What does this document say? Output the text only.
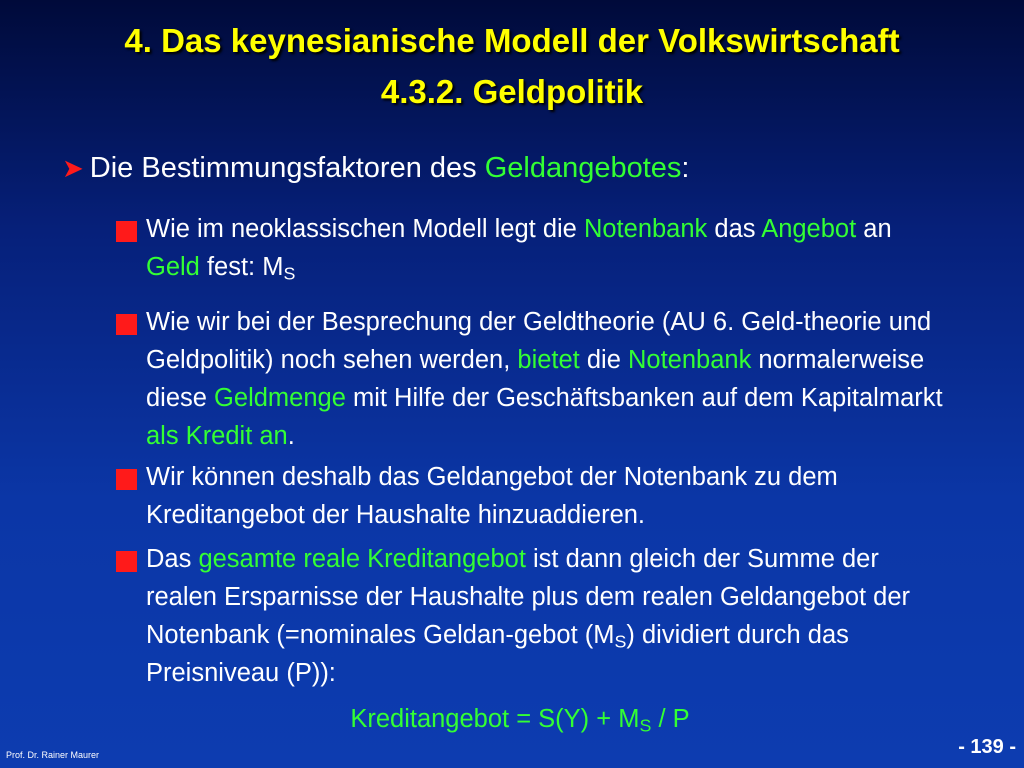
4. Das keynesianische Modell der Volkswirtschaft
4.3.2. Geldpolitik
➤ Die Bestimmungsfaktoren des Geldangebotes:
Wie im neoklassischen Modell legt die Notenbank das Angebot an Geld fest: $M_S$
Wie wir bei der Besprechung der Geldtheorie (AU 6. Geld-theorie und Geldpolitik) noch sehen werden, bietet die Notenbank normalerweise diese Geldmenge mit Hilfe der Geschäftsbanken auf dem Kapitalmarkt als Kredit an.
Wir können deshalb das Geldangebot der Notenbank zu dem Kreditangebot der Haushalte hinzuaddieren.
Das gesamte reale Kreditangebot ist dann gleich der Summe der realen Ersparnisse der Haushalte plus dem realen Geldangebot der Notenbank (=nominales Geldan-gebot $(M_S)$ dividiert durch das Preisniveau (P)):
Kreditangebot = $S(Y) + M_S / P$
Prof. Dr. Rainer Maurer	- 139 -
